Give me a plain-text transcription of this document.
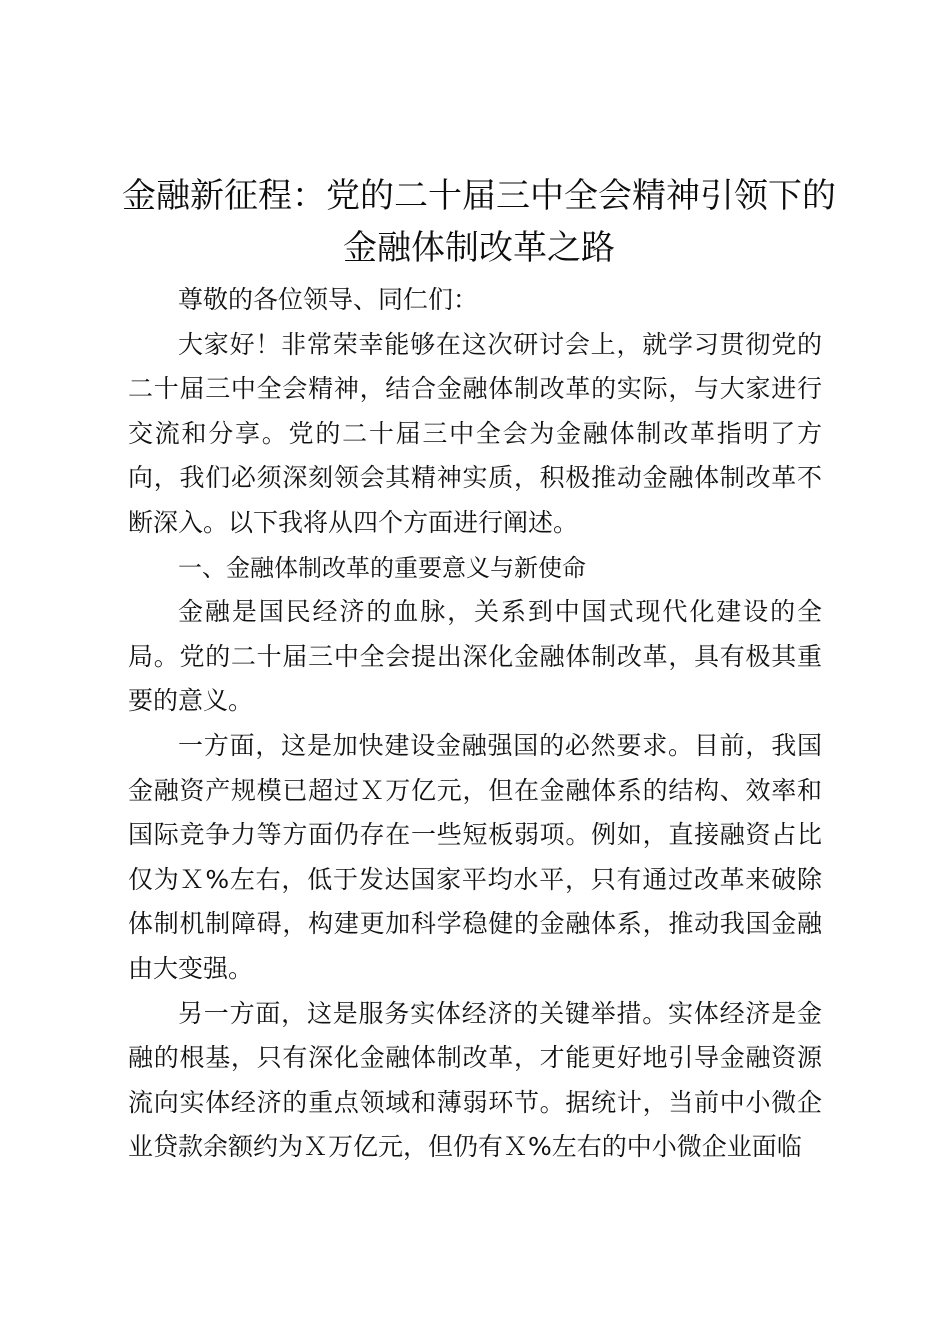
金融新征程：党的二十届三中全会精神引领下的金融体制改革之路

尊敬的各位领导、同仁们：

大家好！非常荣幸能够在这次研讨会上，就学习贯彻党的二十届三中全会精神，结合金融体制改革的实际，与大家进行交流和分享。党的二十届三中全会为金融体制改革指明了方向，我们必须深刻领会其精神实质，积极推动金融体制改革不断深入。以下我将从四个方面进行阐述。

一、金融体制改革的重要意义与新使命

金融是国民经济的血脉，关系到中国式现代化建设的全局。党的二十届三中全会提出深化金融体制改革，具有极其重要的意义。

一方面，这是加快建设金融强国的必然要求。目前，我国金融资产规模已超过Ｘ万亿元，但在金融体系的结构、效率和国际竞争力等方面仍存在一些短板弱项。例如，直接融资占比仅为Ｘ%左右，低于发达国家平均水平，只有通过改革来破除体制机制障碍，构建更加科学稳健的金融体系，推动我国金融由大变强。

另一方面，这是服务实体经济的关键举措。实体经济是金融的根基，只有深化金融体制改革，才能更好地引导金融资源流向实体经济的重点领域和薄弱环节。据统计，当前中小微企业贷款余额约为Ｘ万亿元，但仍有Ｘ%左右的中小微企业面临
